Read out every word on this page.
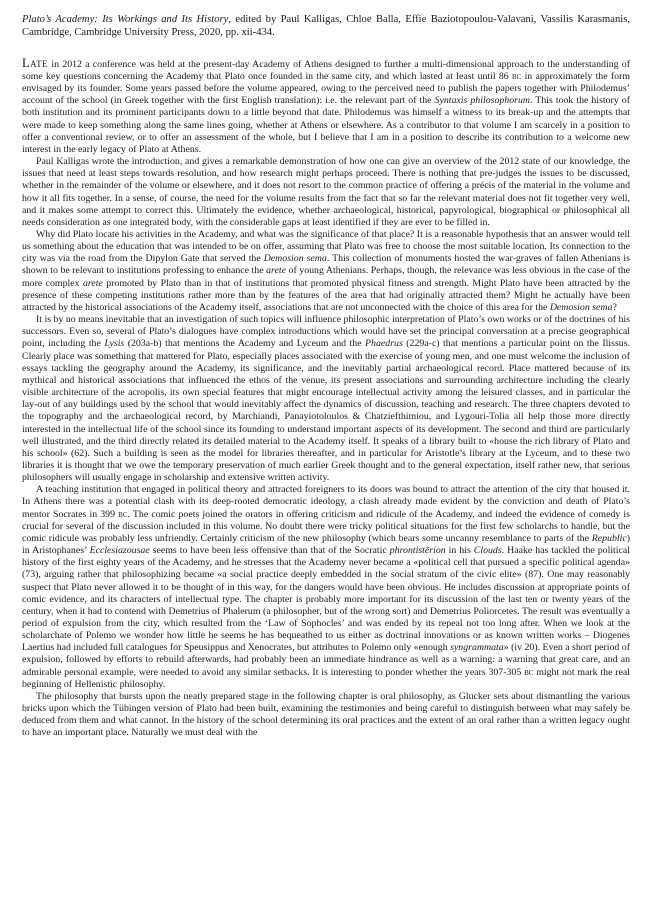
Plato’s Academy: Its Workings and Its History, edited by Paul Kalligas, Chloe Balla, Effie Baziotopoulou-Valavani, Vassilis Karasmanis, Cambridge, Cambridge University Press, 2020, pp. xii-434.

Late in 2012 a conference was held at the present-day Academy of Athens designed to further a multi-dimensional approach to the understanding of some key questions concerning the Academy that Plato once founded in the same city, and which lasted at least until 86 bc in approximately the form envisaged by its founder. Some years passed before the volume appeared, owing to the perceived need to publish the papers together with Philodemus’ account of the school (in Greek together with the first English translation): i.e. the relevant part of the Syntaxis philosophorum. This took the history of both institution and its prominent participants down to a little beyond that date. Philodemus was himself a witness to its break-up and the attempts that were made to keep something along the same lines going, whether at Athens or elsewhere. As a contributor to that volume I am scarcely in a position to offer a conventional review, or to offer an assessment of the whole, but I believe that I am in a position to describe its contribution to a welcome new interest in the early legacy of Plato at Athens.

Paul Kalligas wrote the introduction, and gives a remarkable demonstration of how one can give an overview of the 2012 state of our knowledge, the issues that need at least steps towards resolution, and how research might perhaps proceed. There is nothing that pre-judges the issues to be discussed, whether in the remainder of the volume or elsewhere, and it does not resort to the common practice of offering a précis of the material in the volume and how it all fits together. In a sense, of course, the need for the volume results from the fact that so far the relevant material does not fit together very well, and it makes some attempt to correct this. Ultimately the evidence, whether archaeological, historical, papyrological, biographical or philosophical all needs consideration as one integrated body, with the considerable gaps at least identified if they are ever to be filled in.

Why did Plato locate his activities in the Academy, and what was the significance of that place? It is a reasonable hypothesis that an answer would tell us something about the education that was intended to be on offer, assuming that Plato was free to choose the most suitable location. Its connection to the city was via the road from the Dipylon Gate that served the Demosion sema. This collection of monuments hosted the war-graves of fallen Athenians is shown to be relevant to institutions professing to enhance the arete of young Athenians. Perhaps, though, the relevance was less obvious in the case of the more complex arete promoted by Plato than in that of institutions that promoted physical fitness and strength. Might Plato have been attracted by the presence of these competing institutions rather more than by the features of the area that had originally attracted them? Might he actually have been attracted by the historical associations of the Academy itself, associations that are not unconnected with the choice of this area for the Demosion sema?

It is by no means inevitable that an investigation of such topics will influence philosophic interpretation of Plato’s own works or of the doctrines of his successors. Even so, several of Plato’s dialogues have complex introductions which would have set the principal conversation at a precise geographical point, including the Lysis (203a-b) that mentions the Academy and Lyceum and the Phaedrus (229a-c) that mentions a particular point on the Ilissus. Clearly place was something that mattered for Plato, especially places associated with the exercise of young men, and one must welcome the inclusion of essays tackling the geography around the Academy, its significance, and the inevitably partial archaeological record. Place mattered because of its mythical and historical associations that influenced the ethos of the venue, its present associations and surrounding architecture including the clearly visible architecture of the acropolis, its own special features that might encourage intellectual activity among the leisured classes, and in particular the lay-out of any buildings used by the school that would inevitably affect the dynamics of discussion, teaching and research. The three chapters devoted to the topography and the archaeological record, by Marchiandi, Panayiotoloulos & Chatziefthimiou, and Lygouri-Tolia all help those more directly interested in the intellectual life of the school since its founding to understand important aspects of its development. The second and third are particularly well illustrated, and the third directly related its detailed material to the Academy itself. It speaks of a library built to «house the rich library of Plato and his school» (62). Such a building is seen as the model for libraries thereafter, and in particular for Aristotle’s library at the Lyceum, and to these two libraries it is thought that we owe the temporary preservation of much earlier Greek thought and to the general expectation, itself rather new, that serious philosophers will usually engage in scholarship and extensive written activity.

A teaching institution that engaged in political theory and attracted foreigners to its doors was bound to attract the attention of the city that housed it. In Athens there was a potential clash with its deep-rooted democratic ideology, a clash already made evident by the conviction and death of Plato’s mentor Socrates in 399 bc. The comic poets joined the orators in offering criticism and ridicule of the Academy, and indeed the evidence of comedy is crucial for several of the discussion included in this volume. No doubt there were tricky political situations for the first few scholarchs to handle, but the comic ridicule was probably less unfriendly. Certainly criticism of the new philosophy (which bears some uncanny resemblance to parts of the Republic) in Aristophanes’ Ecclesiazousae seems to have been less offensive than that of the Socratic phrontistērion in his Clouds. Haake has tackled the political history of the first eighty years of the Academy, and he stresses that the Academy never became a «political cell that pursued a specific political agenda» (73), arguing rather that philosophizing became «a social practice deeply embedded in the social stratum of the civic elite» (87). One may reasonably suspect that Plato never allowed it to be thought of in this way, for the dangers would have been obvious. He includes discussion at appropriate points of comic evidence, and its characters of intellectual type. The chapter is probably more important for its discussion of the last ten or twenty years of the century, when it had to contend with Demetrius of Phalerum (a philosopher, but of the wrong sort) and Demetrius Poliorcetes. The result was eventually a period of expulsion from the city, which resulted from the ‘Law of Sophocles’ and was ended by its repeal not too long after. When we look at the scholarchate of Polemo we wonder how little he seems he has bequeathed to us either as doctrinal innovations or as known written works – Diogenes Laertius had included full catalogues for Speusippus and Xenocrates, but attributes to Polemo only «enough syngrammata» (iv 20). Even a short period of expulsion, followed by efforts to rebuild afterwards, had probably been an immediate hindrance as well as a warning: a warning that great care, and an admirable personal example, were needed to avoid any similar setbacks. It is interesting to ponder whether the years 307-305 bc might not mark the real beginning of Hellenistic philosophy.

The philosophy that bursts upon the neatly prepared stage in the following chapter is oral philosophy, as Glucker sets about dismantling the various bricks upon which the Tübingen version of Plato had been built, examining the testimonies and being careful to distinguish between what may safely be deduced from them and what cannot. In the history of the school determining its oral practices and the extent of an oral rather than a written legacy ought to have an important place. Naturally we must deal with the
